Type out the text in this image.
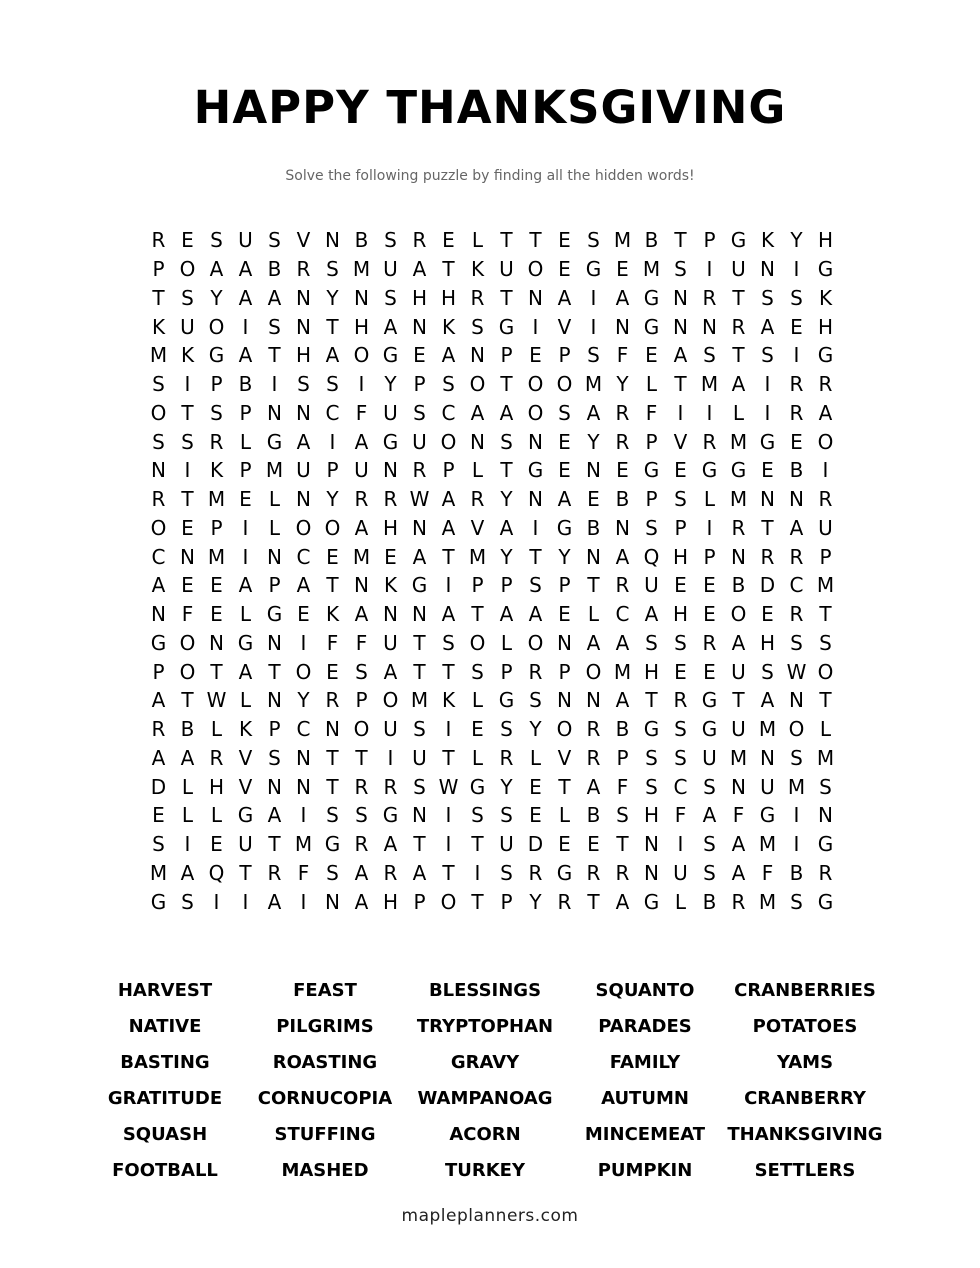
HAPPY THANKSGIVING
Solve the following puzzle by finding all the hidden words!
R E S U S V N B S R E L T T E S M B T P G K Y H
P O A A B R S M U A T K U O E G E M S I U N I G
T S Y A A N Y N S H H R T N A I A G N R T S S K
K U O I S N T H A N K S G I V I N G N N R A E H
M K G A T H A O G E A N P E P S F E A S T S I G
S I	P B I S S I Y P S O T O O M Y L T M A I R R
O T S P N N C F U S C A A O S A R F	I	I	L	I R A
S S R L G A I A G U O N S N E Y R P V R M G E O
N I K P M U P U N R P L T G E N E G E G G E B I
R T M E L N Y R R W A R Y N A E B P S L M N N R
O E P	I	L O O A H N A V A I G B N S P	I R T A U
C N M I N C E M E A T M Y T Y N A Q H P N R R P
A E E A P A T N K G I	P P S P T R U E E B D C M
N F E L G E K A N N A T A A E L C A H E O E R T
G O N G N I	F F U T S O L O N A A S S R A H S S
P O T A T O E S A T T S P R P O M H E E U S W O
A T W L N Y R P O M K L G S N N A T R G T A N T
R B L K P C N O U S I E S Y O R B G S G U M O L
A A R V S N T T I U T L R L V R P S S U M N S M
D L H V N N T R R S W G Y E T A F S C S N U M S
E L L G A I S S G N I S S E L B S H F A F G I N
S I E U T M G R A T I T U D E E T N I S A M I G
M A Q T R F S A R A T I S R G R R N U S A F B R
G S I	I A I N A H P O T P Y R T A G L B R M S G
HARVEST	FEAST	BLESSINGS	SQUANTO	CRANBERRIES
NATIVE	PILGRIMS	TRYPTOPHAN	PARADES	POTATOES
BASTING	ROASTING	GRAVY	FAMILY	YAMS
GRATITUDE	CORNUCOPIA	WAMPANOAG	AUTUMN	CRANBERRY
SQUASH	STUFFING	ACORN	MINCEMEAT	THANKSGIVING
FOOTBALL	MASHED	TURKEY	PUMPKIN	SETTLERS
mapleplanners.com
